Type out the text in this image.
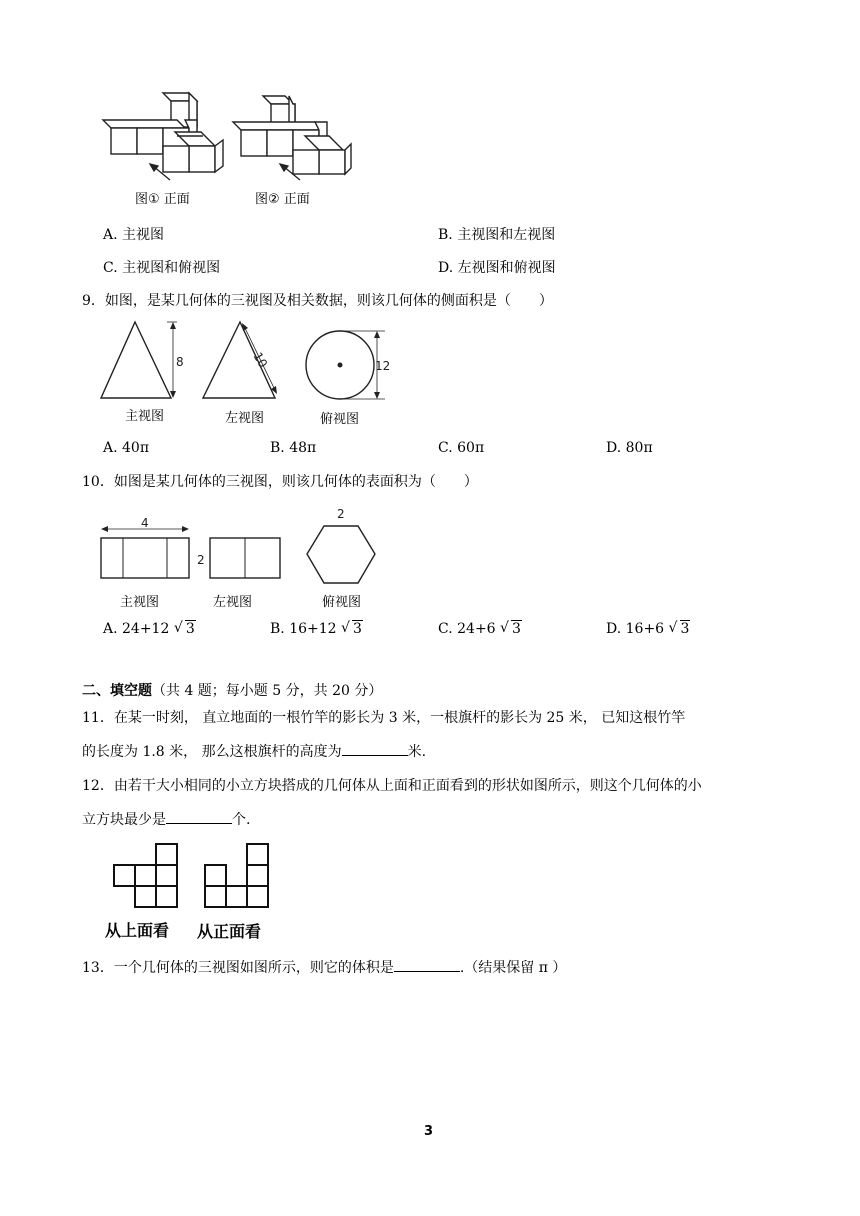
图① 正面	图② 正面
A. 主视图	B. 主视图和左视图
C. 主视图和俯视图	D. 左视图和俯视图
9．如图，是某几何体的三视图及相关数据，则该几何体的侧面积是（　　）
8	10	12
主视图	左视图	俯视图
A. 40π	B. 48π	C. 60π	D. 80π
10．如图是某几何体的三视图，则该几何体的表面积为（　　）
4
2
2
主视图	左视图	俯视图
A. 24+12 √ 3	B. 16+12 √ 3	C. 24+6 √ 3	D. 16+6 √ 3
二、填空题（共 4 题；每小题 5 分，共 20 分）
11．在某一时刻， 直立地面的一根竹竿的影长为 3 米，一根旗杆的影长为 25 米， 已知这根竹竿
的长度为 1.8 米， 那么这根旗杆的高度为	米.
12．由若干大小相同的小立方块搭成的几何体从上面和正面看到的形状如图所示，则这个几何体的小
立方块最少是	个.
从上面看 从正面看
13．一个几何体的三视图如图所示，则它的体积是	.（结果保留 π ）
3
